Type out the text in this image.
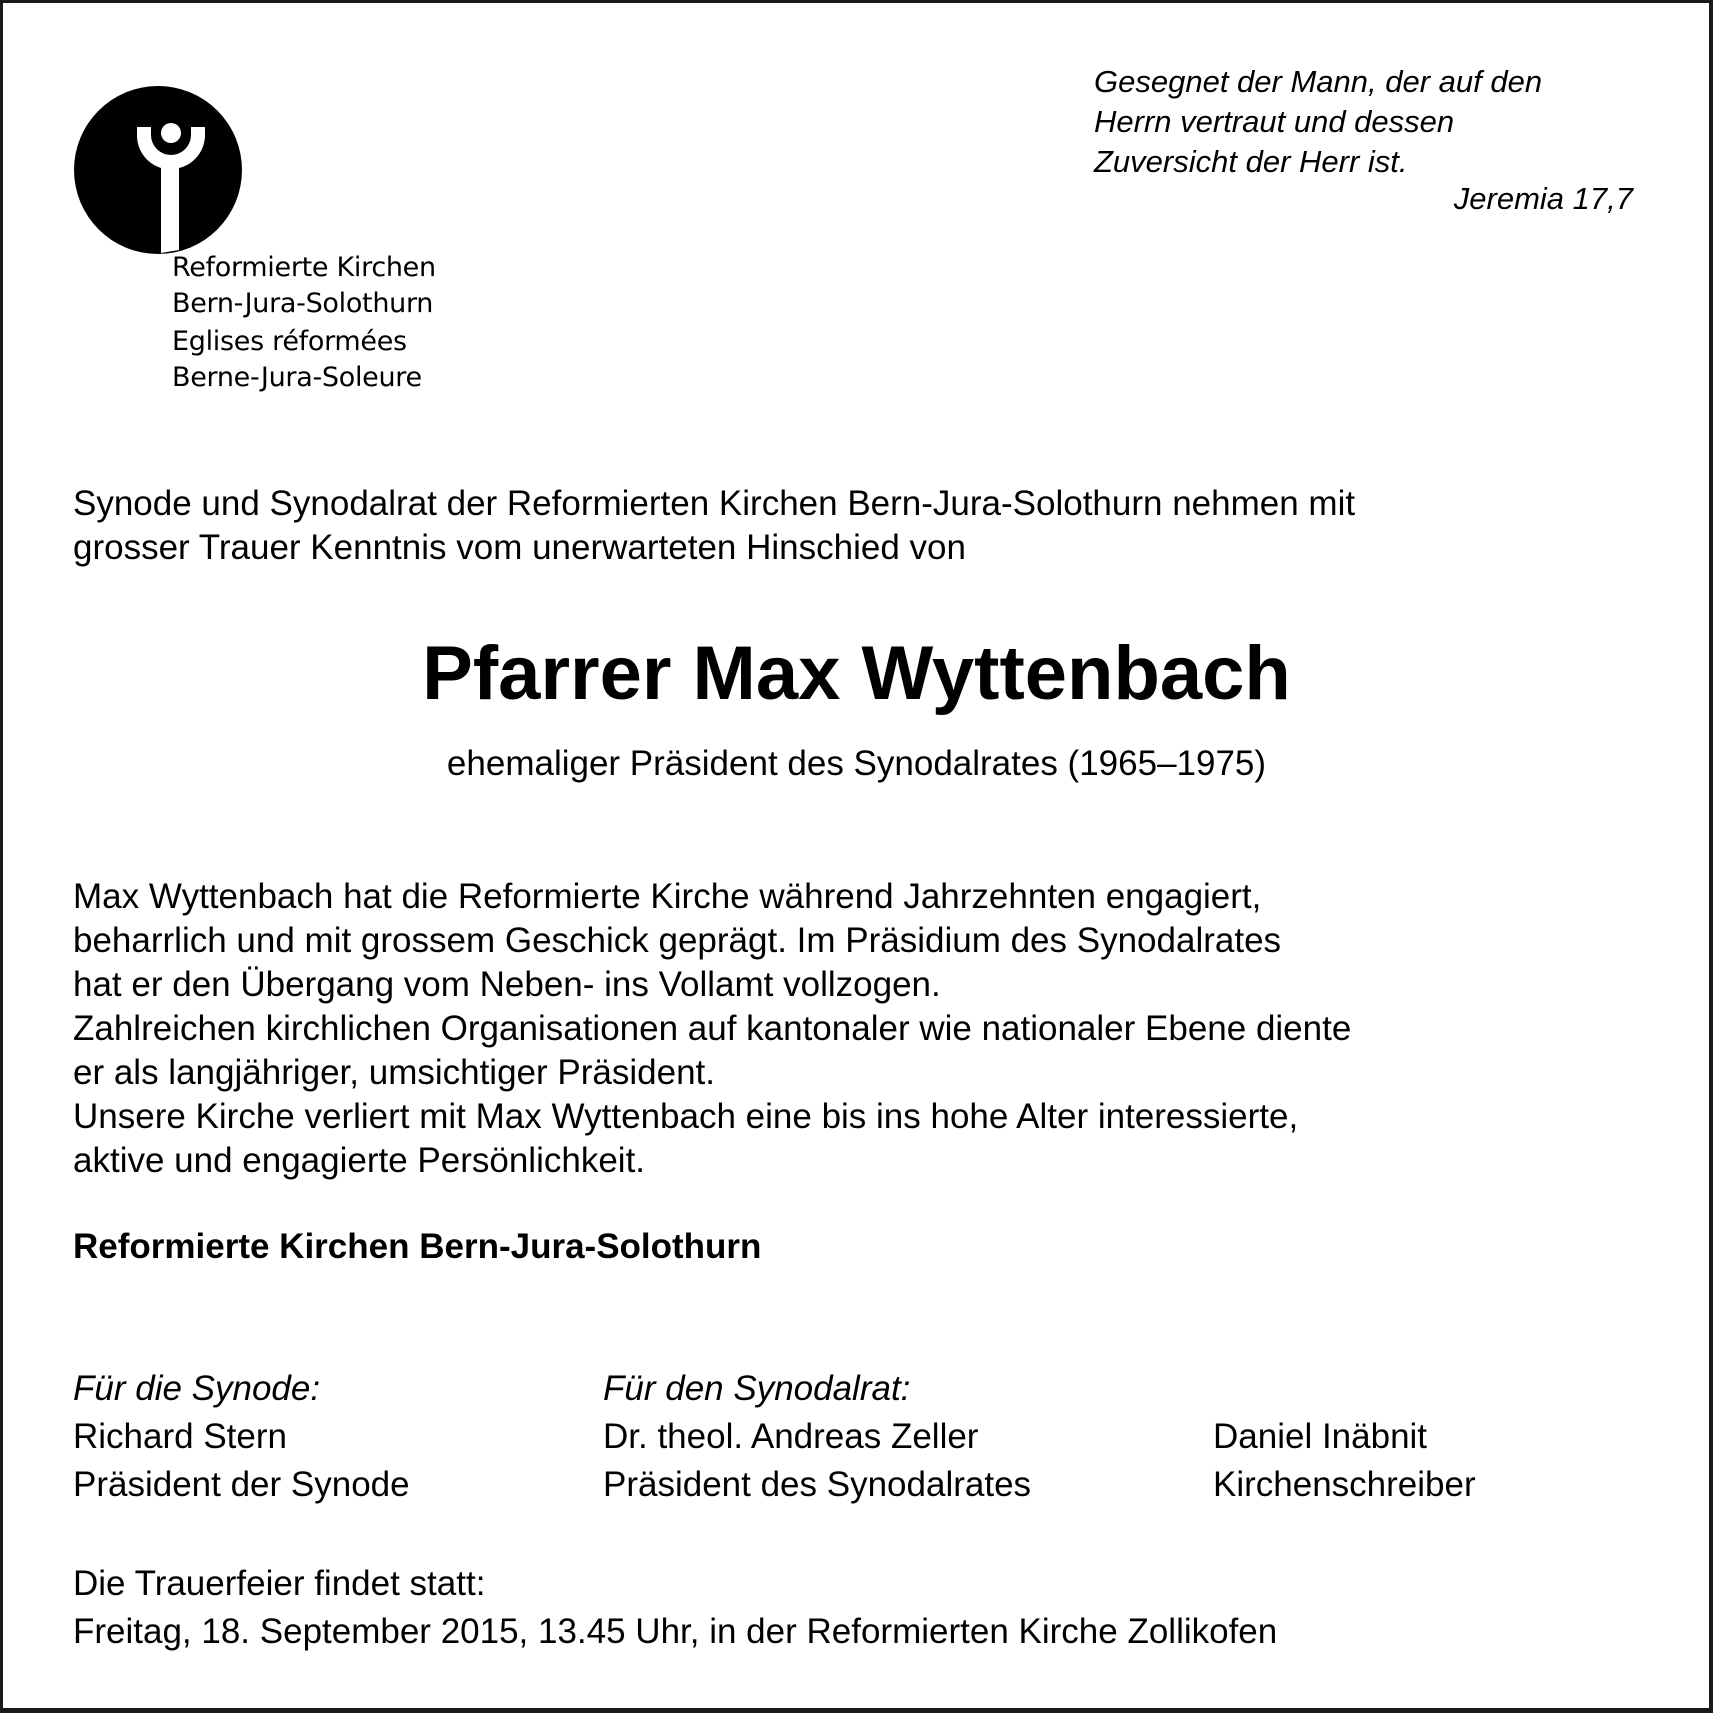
Reformierte Kirchen
Bern-Jura-Solothurn
Eglises réformées
Berne-Jura-Soleure
Gesegnet der Mann, der auf den
Herrn vertraut und dessen
Zuversicht der Herr ist.
Jeremia 17,7
Synode und Synodalrat der Reformierten Kirchen Bern-Jura-Solothurn nehmen mit
grosser Trauer Kenntnis vom unerwarteten Hinschied von
Pfarrer Max Wyttenbach
ehemaliger Präsident des Synodalrates (1965–1975)
Max Wyttenbach hat die Reformierte Kirche während Jahrzehnten engagiert,
beharrlich und mit grossem Geschick geprägt. Im Präsidium des Synodalrates
hat er den Übergang vom Neben- ins Vollamt vollzogen.
Zahlreichen kirchlichen Organisationen auf kantonaler wie nationaler Ebene diente
er als langjähriger, umsichtiger Präsident.
Unsere Kirche verliert mit Max Wyttenbach eine bis ins hohe Alter interessierte,
aktive und engagierte Persönlichkeit.
Reformierte Kirchen Bern-Jura-Solothurn
Für die Synode:
Richard Stern
Präsident der Synode
Für den Synodalrat:
Dr. theol. Andreas Zeller
Präsident des Synodalrates
Daniel Inäbnit
Kirchenschreiber
Die Trauerfeier findet statt:
Freitag, 18. September 2015, 13.45 Uhr, in der Reformierten Kirche Zollikofen
